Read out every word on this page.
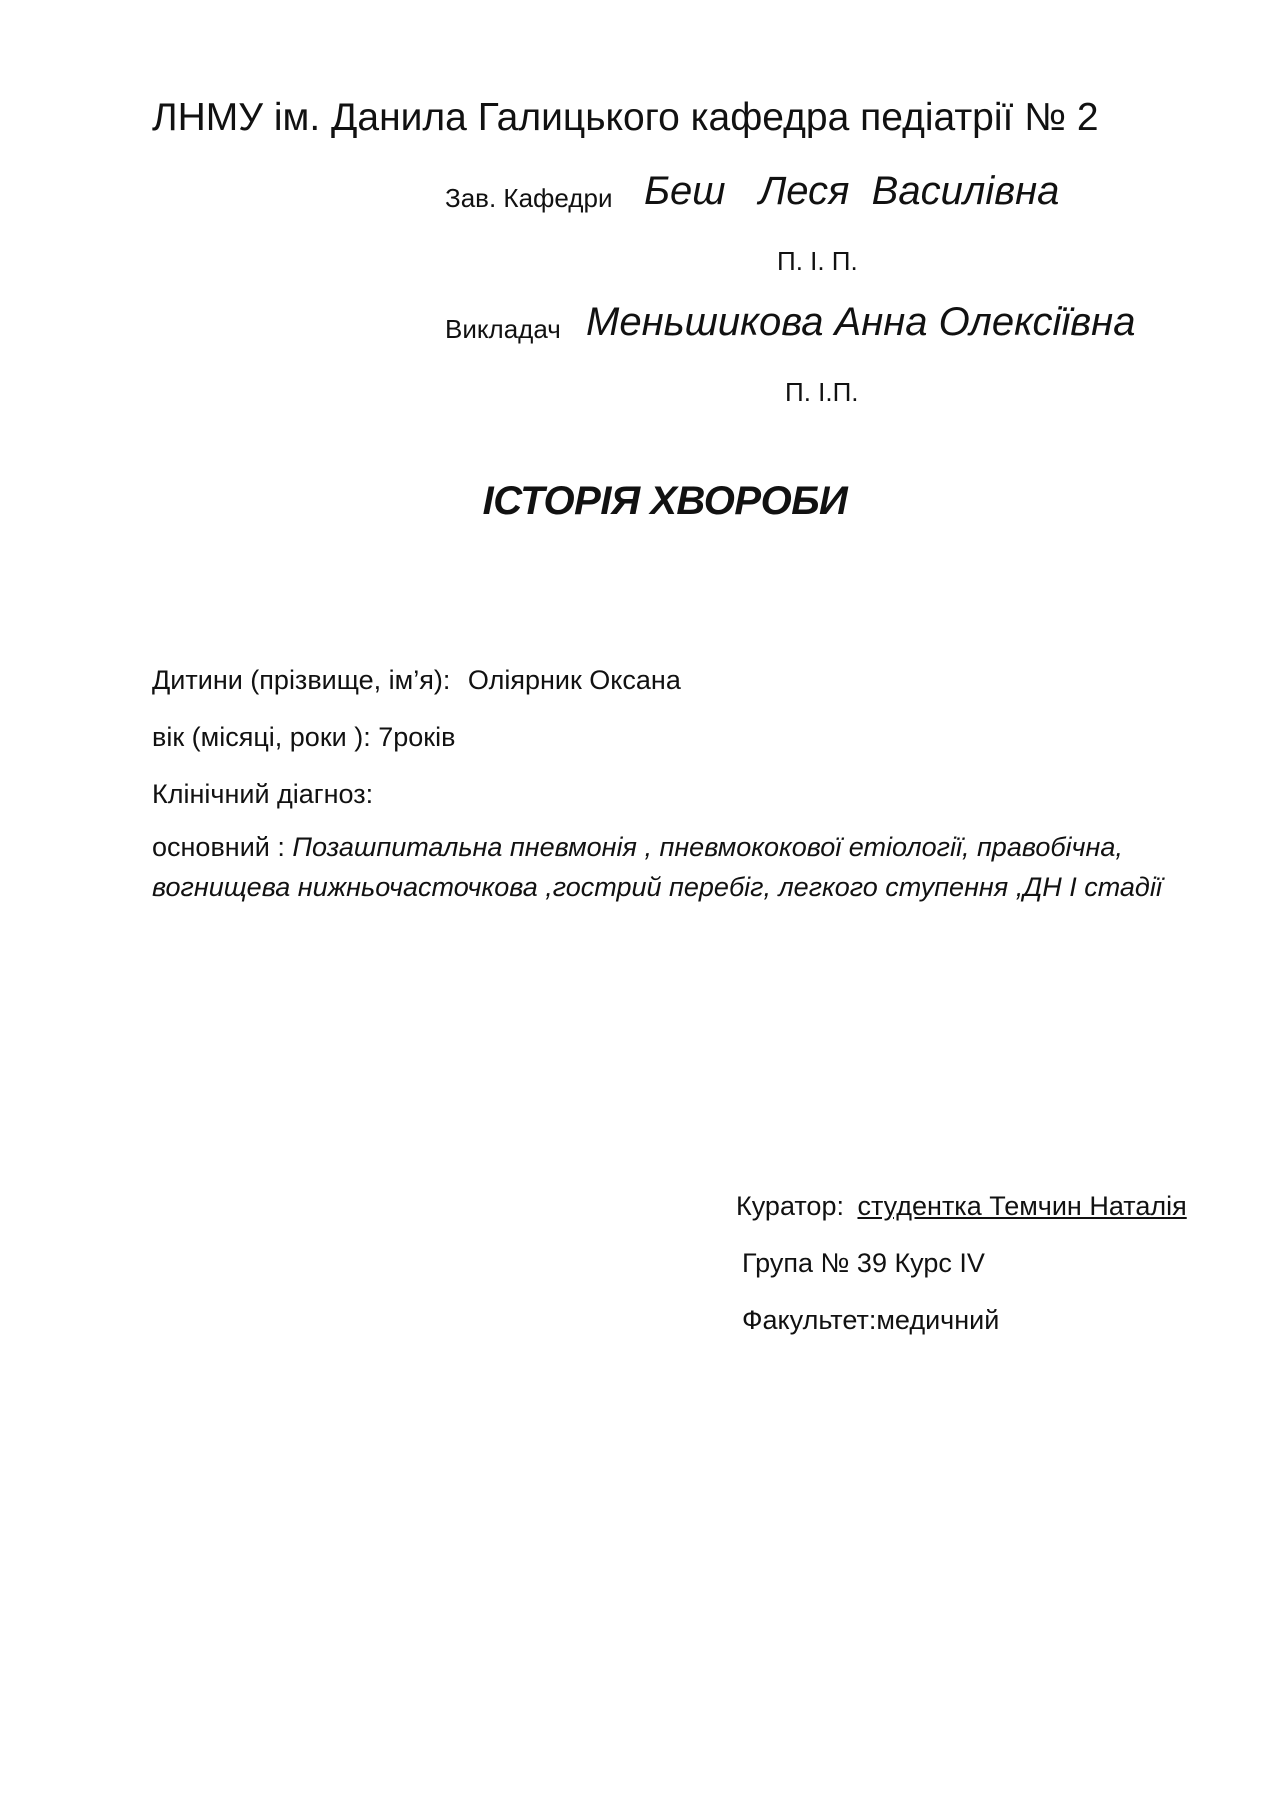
ЛНМУ ім. Данила Галицького кафедра педіатрії № 2
Зав. Кафедри Беш   Леся  Василівна
П. І. П.
Викладач Меньшикова Анна Олексіївна
П. І.П.
ІСТОРІЯ ХВОРОБИ
Дитини (прізвище, ім’я): Оліярник Оксана
вік (місяці, роки ): 7років
Клінічний діагноз:
основний : Позашпитальна пневмонія , пневмококової етіології, правобічна, вогнищева нижньочасточкова ,гострий перебіг, легкого ступення ,ДН І стадії
Куратор: студентка Темчин Наталія
Група № 39 Курс IV
Факультет:медичний
